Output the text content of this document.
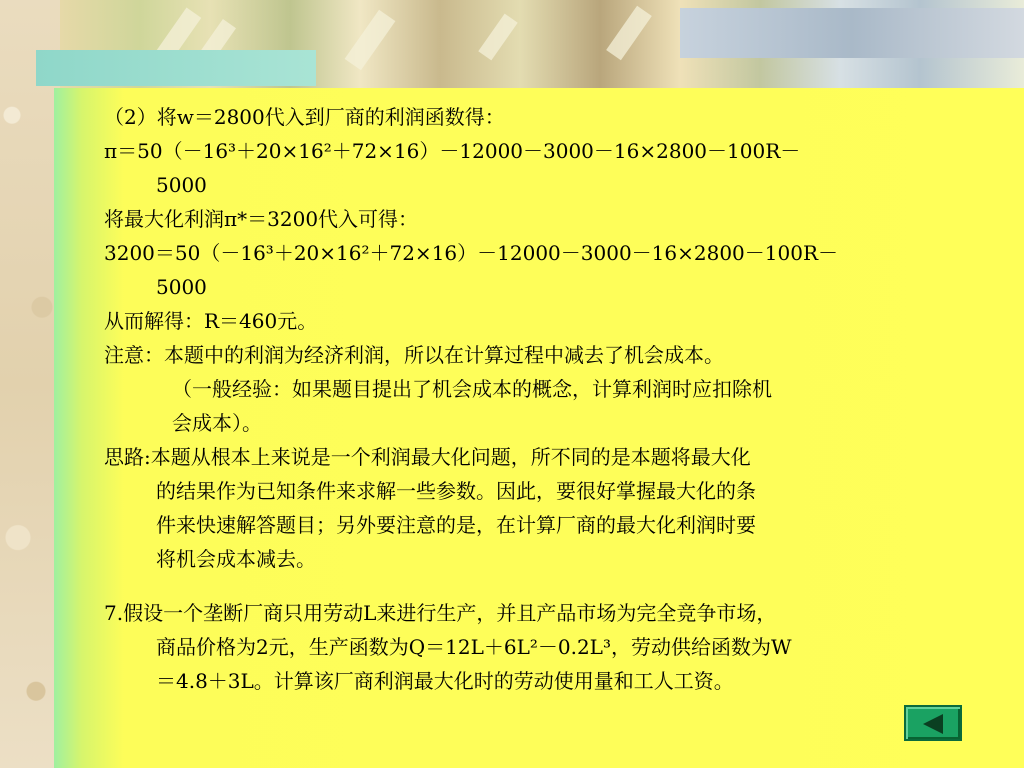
（2）将w＝2800代入到厂商的利润函数得：
π＝50（－16³＋20×16²＋72×16）－12000－3000－16×2800－100R－
5000
将最大化利润π*＝3200代入可得：
3200＝50（－16³＋20×16²＋72×16）－12000－3000－16×2800－100R－
5000
从而解得：R＝460元。
注意：本题中的利润为经济利润，所以在计算过程中减去了机会成本。
（一般经验：如果题目提出了机会成本的概念，计算利润时应扣除机
会成本）。
思路:本题从根本上来说是一个利润最大化问题，所不同的是本题将最大化
的结果作为已知条件来求解一些参数。因此，要很好掌握最大化的条
件来快速解答题目；另外要注意的是，在计算厂商的最大化利润时要
将机会成本减去。
7.假设一个垄断厂商只用劳动L来进行生产，并且产品市场为完全竞争市场，
商品价格为2元，生产函数为Q＝12L＋6L²－0.2L³，劳动供给函数为W
＝4.8＋3L。计算该厂商利润最大化时的劳动使用量和工人工资。
